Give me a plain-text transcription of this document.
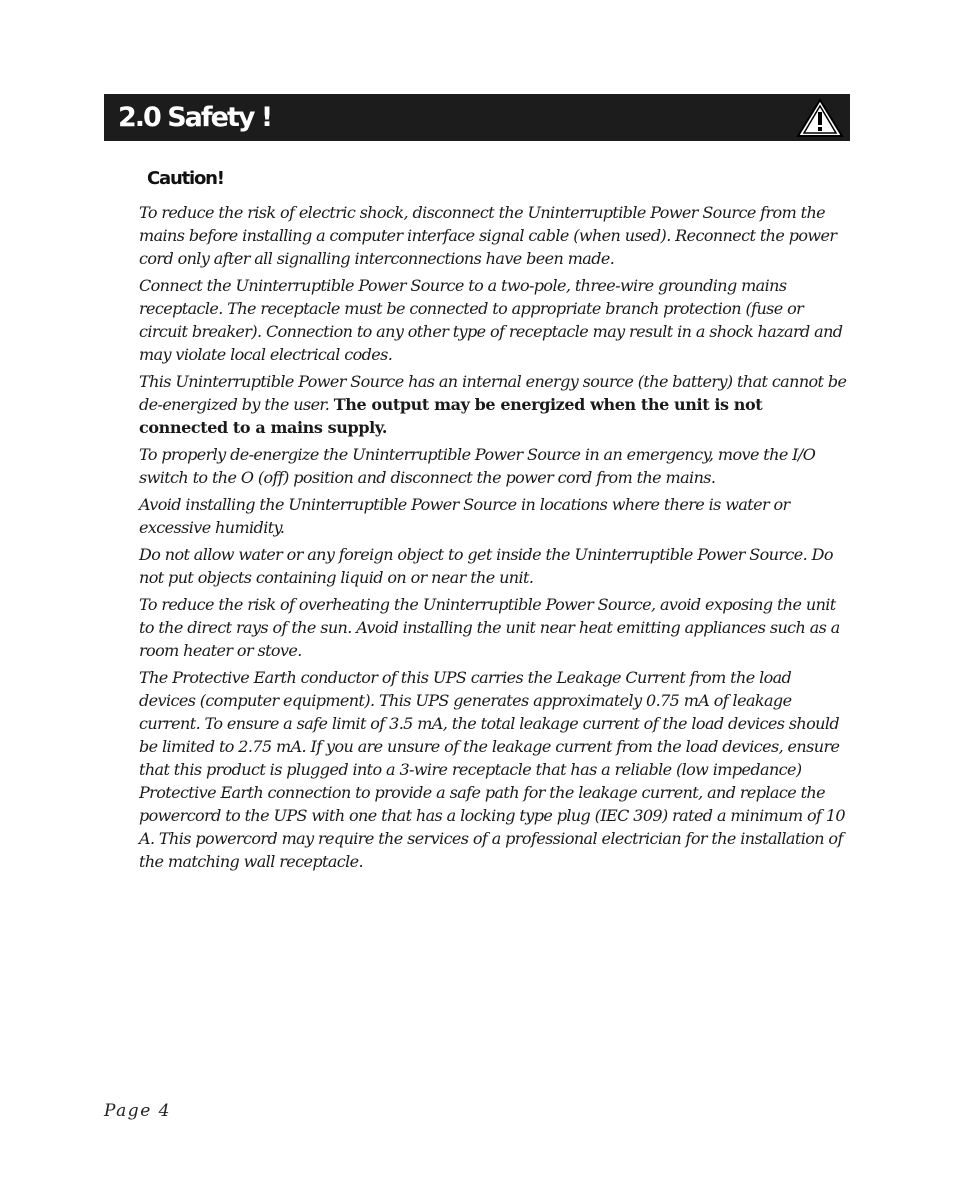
2.0 Safety !
Caution!

To reduce the risk of electric shock, disconnect the Uninterruptible Power Source from the mains before installing a computer interface signal cable (when used). Reconnect the power cord only after all signalling interconnections have been made.

Connect the Uninterruptible Power Source to a two-pole, three-wire grounding mains receptacle. The receptacle must be connected to appropriate branch protection (fuse or circuit breaker). Connection to any other type of receptacle may result in a shock hazard and may violate local electrical codes.

This Uninterruptible Power Source has an internal energy source (the battery) that cannot be de-energized by the user. The output may be energized when the unit is not connected to a mains supply.

To properly de-energize the Uninterruptible Power Source in an emergency, move the I/O switch to the O (off) position and disconnect the power cord from the mains.

Avoid installing the Uninterruptible Power Source in locations where there is water or excessive humidity.

Do not allow water or any foreign object to get inside the Uninterruptible Power Source. Do not put objects containing liquid on or near the unit.

To reduce the risk of overheating the Uninterruptible Power Source, avoid exposing the unit to the direct rays of the sun. Avoid installing the unit near heat emitting appliances such as a room heater or stove.

The Protective Earth conductor of this UPS carries the Leakage Current from the load devices (computer equipment). This UPS generates approximately 0.75 mA of leakage current. To ensure a safe limit of 3.5 mA, the total leakage current of the load devices should be limited to 2.75 mA. If you are unsure of the leakage current from the load devices, ensure that this product is plugged into a 3-wire receptacle that has a reliable (low impedance) Protective Earth connection to provide a safe path for the leakage current, and replace the powercord to the UPS with one that has a locking type plug (IEC 309) rated a minimum of 10 A. This powercord may require the services of a professional electrician for the installation of the matching wall receptacle.

Page 4
